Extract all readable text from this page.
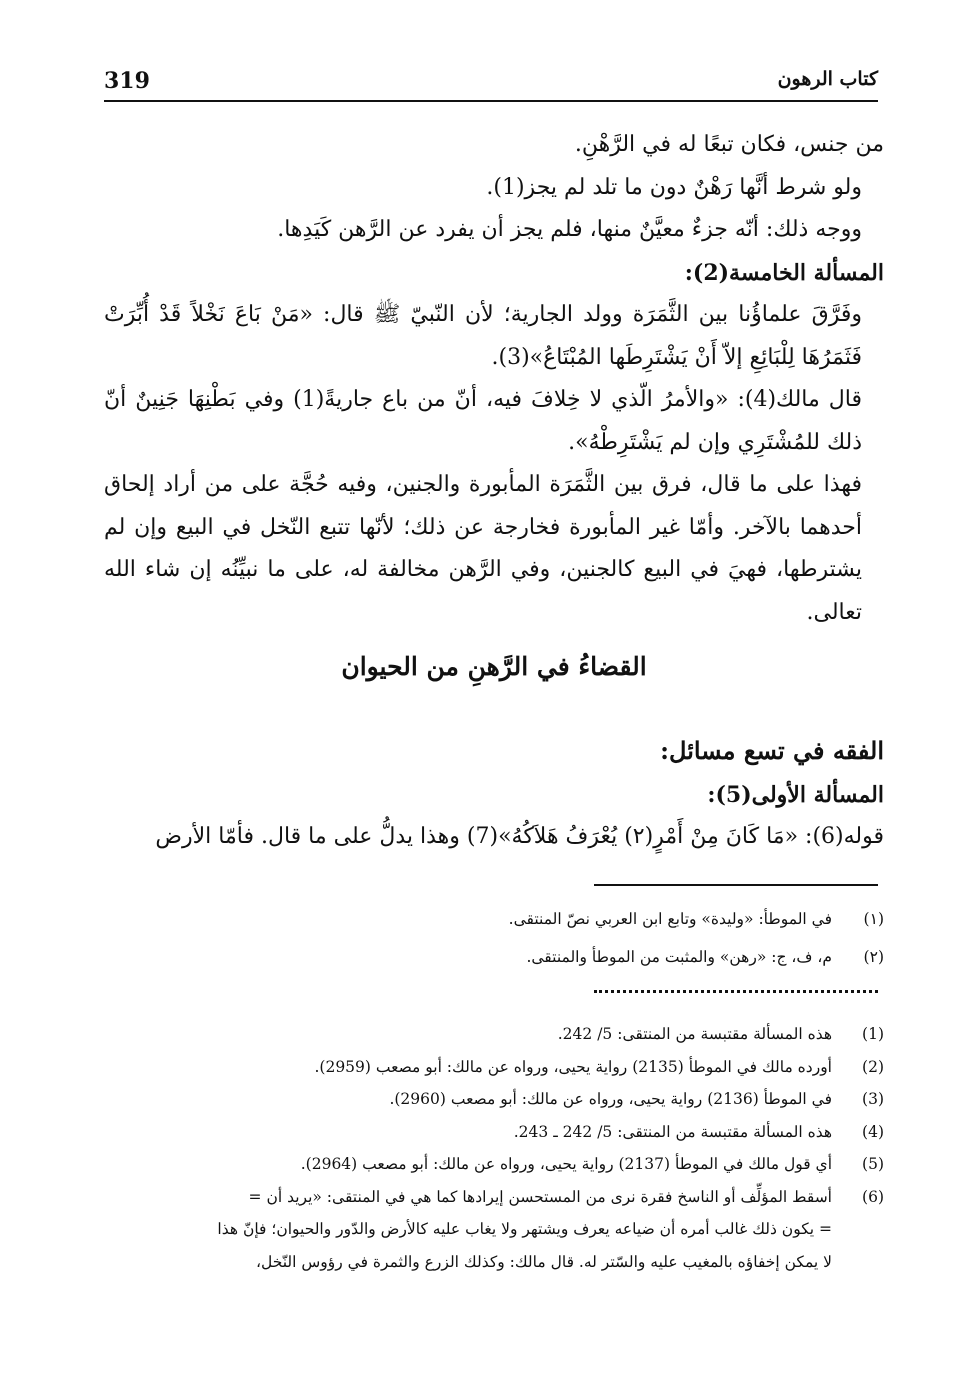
319	كتاب الرهون

من جنس، فكان تبعًا له في الرَّهْنِ.

ولو شرط أنَّها رَهْنٌ دون ما تلد لم يجز(1).

ووجه ذلك: أنّه جزءٌ معيَّنٌ منها، فلم يجز أن يفرد عن الرَّهن كَيَدِها.

المسألة الخامسة(2):

وفَرَّقَ علماؤُنا بين الثَّمَرَة وولد الجارية؛ لأن النّبيّ ﷺ قال: «مَنْ بَاعَ نَخْلاً قَدْ أُبِّرَتْ فَثَمَرُهَا لِلْبَائِعِ إلاّ أَنْ يَشْتَرِطَها المُبْتَاعُ»(3).

قال مالك(4): «والأمرُ الّذي لا خِلافَ فيه، أنّ من باع جاريةً(1) وفي بَطْنِهَا جَنِينٌ أنّ ذلك للمُشْتَرِي وإن لم يَشْتَرِطْهُ».

فهذا على ما قال، فرق بين الثَّمَرَة المأبورة والجنين، وفيه حُجَّة على من أراد إلحاق أحدهما بالآخر. وأمّا غير المأبورة فخارجة عن ذلك؛ لأنّها تتبع النّخل في البيع وإن لم يشترطها، فهيَ في البيع كالجنين، وفي الرَّهن مخالفة له، على ما نبيِّنُه إن شاء الله تعالى.

القضاءُ في الرَّهنِ من الحيوان

الفقه في تسع مسائل:

المسألة الأولى(5):

قوله(6): «مَا كَانَ مِنْ أَمْرٍ(٢) يُعْرَفُ هَلاَكُهُ»(7) وهذا يدلُّ على ما قال. فأمّا الأرض

(١)
في الموطأ: «وليدة» وتابع ابن العربي نصّ المنتقى.
(٢)
م، ف، ج: «رهن» والمثبت من الموطأ والمنتقى.
(1)
هذه المسألة مقتبسة من المنتقى: 5/ 242.
(2)
أورده مالك في الموطأ (2135) رواية يحيى، ورواه عن مالك: أبو مصعب (2959).
(3)
في الموطأ (2136) رواية يحيى، ورواه عن مالك: أبو مصعب (2960).
(4)
هذه المسألة مقتبسة من المنتقى: 5/ 242 ـ 243.
(5)
أي قول مالك في الموطأ (2137) رواية يحيى، ورواه عن مالك: أبو مصعب (2964).
(6)
أسقط المؤلِّف أو الناسخ فقرة نرى من المستحسن إيرادها كما هي في المنتقى: «يريد أن =
= يكون ذلك غالب أمره أن ضياعه يعرف ويشتهر ولا يغاب عليه كالأرض والدّور والحيوان؛ فإنّ هذا
لا يمكن إخفاؤه بالمغيب عليه والسّتر له. قال مالك: وكذلك الزرع والثمرة في رؤوس النّخل،
